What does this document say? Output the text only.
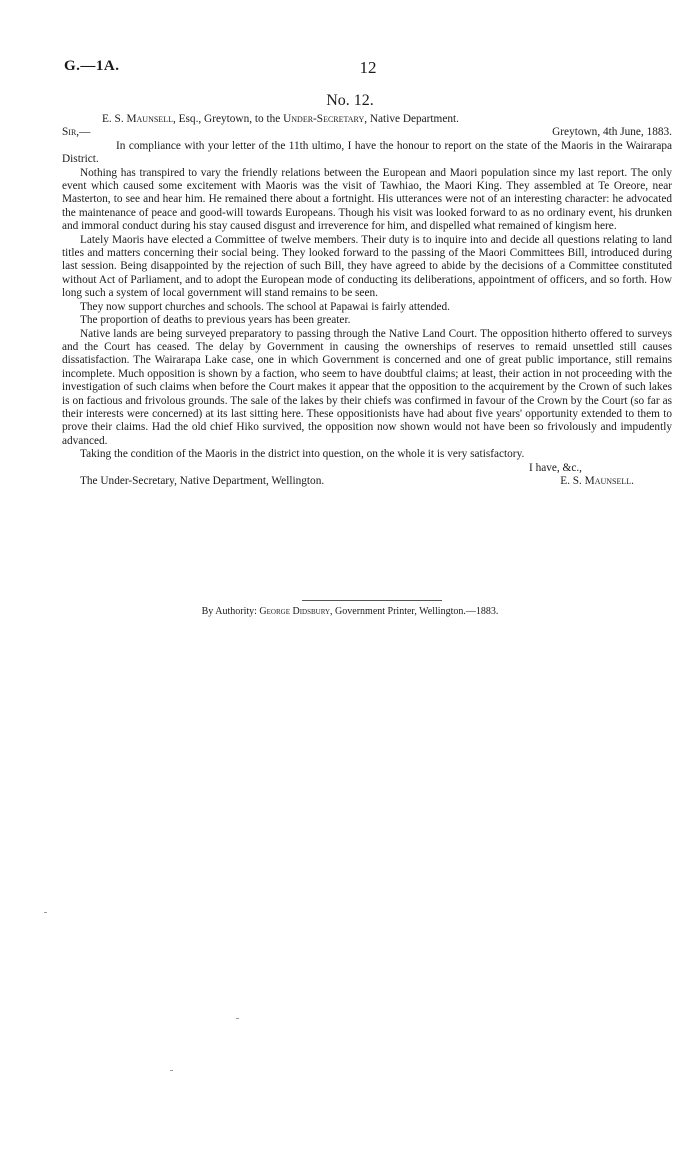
G.—1A.	12
No. 12.

E. S. Maunsell, Esq., Greytown, to the Under-Secretary, Native Department.

Sir,—	Greytown, 4th June, 1883.

In compliance with your letter of the 11th ultimo, I have the honour to report on the state of the Maoris in the Wairarapa District.

Nothing has transpired to vary the friendly relations between the European and Maori population since my last report. The only event which caused some excitement with Maoris was the visit of Tawhiao, the Maori King. They assembled at Te Oreore, near Masterton, to see and hear him. He remained there about a fortnight. His utterances were not of an interesting character: he advocated the maintenance of peace and good-will towards Europeans. Though his visit was looked forward to as no ordinary event, his drunken and immoral conduct during his stay caused disgust and irreverence for him, and dispelled what remained of kingism here.

Lately Maoris have elected a Committee of twelve members. Their duty is to inquire into and decide all questions relating to land titles and matters concerning their social being. They looked forward to the passing of the Maori Committees Bill, introduced during last session. Being disappointed by the rejection of such Bill, they have agreed to abide by the decisions of a Committee constituted without Act of Parliament, and to adopt the European mode of conducting its deliberations, appointment of officers, and so forth. How long such a system of local government will stand remains to be seen.

They now support churches and schools. The school at Papawai is fairly attended.

The proportion of deaths to previous years has been greater.

Native lands are being surveyed preparatory to passing through the Native Land Court. The opposition hitherto offered to surveys and the Court has ceased. The delay by Government in causing the ownerships of reserves to remaid unsettled still causes dissatisfaction. The Wairarapa Lake case, one in which Government is concerned and one of great public importance, still remains incomplete. Much opposition is shown by a faction, who seem to have doubtful claims; at least, their action in not proceeding with the investigation of such claims when before the Court makes it appear that the opposition to the acquirement by the Crown of such lakes is on factious and frivolous grounds. The sale of the lakes by their chiefs was confirmed in favour of the Crown by the Court (so far as their interests were concerned) at its last sitting here. These oppositionists have had about five years' opportunity extended to them to prove their claims. Had the old chief Hiko survived, the opposition now shown would not have been so frivolously and impudently advanced.

Taking the condition of the Maoris in the district into question, on the whole it is very satisfactory.

I have, &c.,
The Under-Secretary, Native Department, Wellington.	E. S. Maunsell.
By Authority: George Didsbury, Government Printer, Wellington.—1883.
